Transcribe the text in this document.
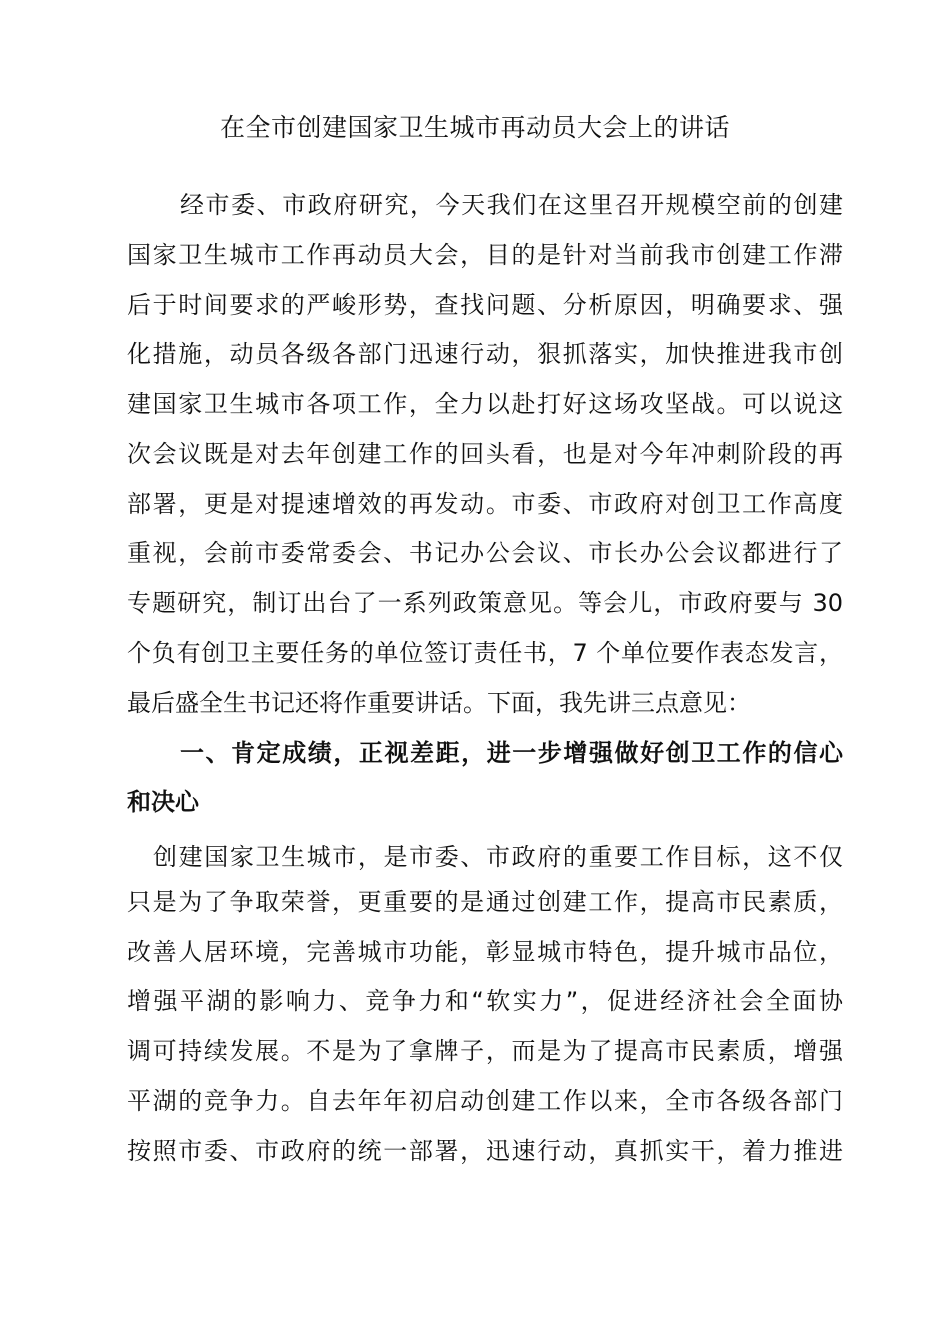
在全市创建国家卫生城市再动员大会上的讲话
经市委、市政府研究，今天我们在这里召开规模空前的创建
国家卫生城市工作再动员大会，目的是针对当前我市创建工作滞
后于时间要求的严峻形势，查找问题、分析原因，明确要求、强
化措施，动员各级各部门迅速行动，狠抓落实，加快推进我市创
建国家卫生城市各项工作，全力以赴打好这场攻坚战。可以说这
次会议既是对去年创建工作的回头看，也是对今年冲刺阶段的再
部署，更是对提速增效的再发动。市委、市政府对创卫工作高度
重视，会前市委常委会、书记办公会议、市长办公会议都进行了
专题研究，制订出台了一系列政策意见。等会儿，市政府要与 30
个负有创卫主要任务的单位签订责任书，7 个单位要作表态发言，
最后盛全生书记还将作重要讲话。下面，我先讲三点意见：
一、肯定成绩，正视差距，进一步增强做好创卫工作的信心
和决心
创建国家卫生城市，是市委、市政府的重要工作目标，这不仅
只是为了争取荣誉，更重要的是通过创建工作，提高市民素质，
改善人居环境，完善城市功能，彰显城市特色，提升城市品位，
增强平湖的影响力、竞争力和“软实力”，促进经济社会全面协
调可持续发展。不是为了拿牌子，而是为了提高市民素质，增强
平湖的竞争力。自去年年初启动创建工作以来，全市各级各部门
按照市委、市政府的统一部署，迅速行动，真抓实干，着力推进
